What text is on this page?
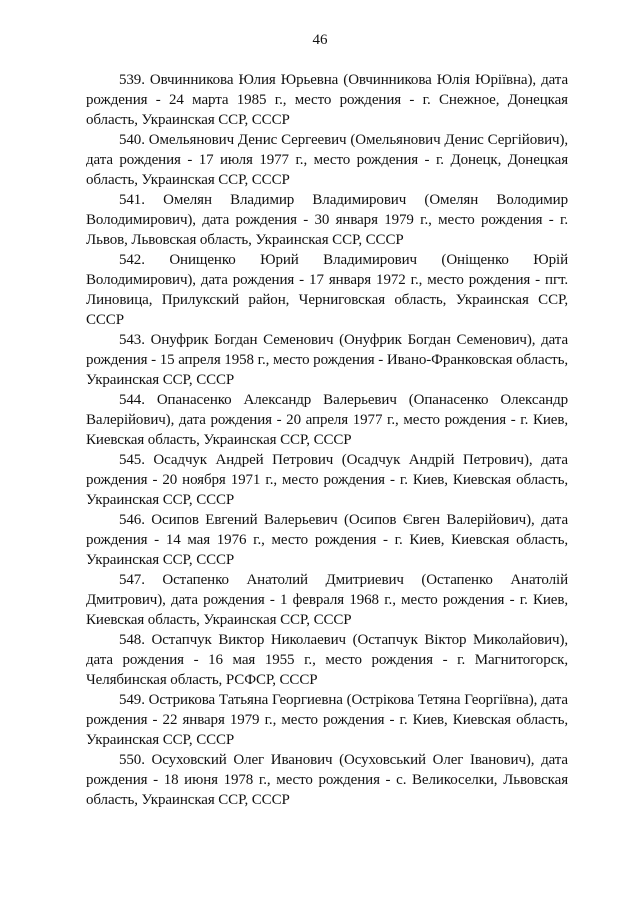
46

539. Овчинникова Юлия Юрьевна (Овчинникова Юлія Юріївна), дата рождения - 24 марта 1985 г., место рождения - г. Снежное, Донецкая область, Украинская ССР, СССР

540. Омельянович Денис Сергеевич (Омельянович Денис Сергійович), дата рождения - 17 июля 1977 г., место рождения - г. Донецк, Донецкая область, Украинская ССР, СССР

541. Омелян Владимир Владимирович (Омелян Володимир Володимирович), дата рождения - 30 января 1979 г., место рождения - г. Львов, Львовская область, Украинская ССР, СССР

542. Онищенко Юрий Владимирович (Оніщенко Юрій Володимирович), дата рождения - 17 января 1972 г., место рождения - пгт. Линовица, Прилукский район, Черниговская область, Украинская ССР, СССР

543. Онуфрик Богдан Семенович (Онуфрик Богдан Семенович), дата рождения - 15 апреля 1958 г., место рождения - Ивано-Франковская область, Украинская ССР, СССР

544. Опанасенко Александр Валерьевич (Опанасенко Олександр Валерійович), дата рождения - 20 апреля 1977 г., место рождения - г. Киев, Киевская область, Украинская ССР, СССР

545. Осадчук Андрей Петрович (Осадчук Андрій Петрович), дата рождения - 20 ноября 1971 г., место рождения - г. Киев, Киевская область, Украинская ССР, СССР

546. Осипов Евгений Валерьевич (Осипов Євген Валерійович), дата рождения - 14 мая 1976 г., место рождения - г. Киев, Киевская область, Украинская ССР, СССР

547. Остапенко Анатолий Дмитриевич (Остапенко Анатолій Дмитрович), дата рождения - 1 февраля 1968 г., место рождения - г. Киев, Киевская область, Украинская ССР, СССР

548. Остапчук Виктор Николаевич (Остапчук Віктор Миколайович), дата рождения - 16 мая 1955 г., место рождения - г. Магнитогорск, Челябинская область, РСФСР, СССР

549. Острикова Татьяна Георгиевна (Острікова Тетяна Георгіївна), дата рождения - 22 января 1979 г., место рождения - г. Киев, Киевская область, Украинская ССР, СССР

550. Осуховский Олег Иванович (Осуховський Олег Іванович), дата рождения - 18 июня 1978 г., место рождения - с. Великоселки, Львовская область, Украинская ССР, СССР
